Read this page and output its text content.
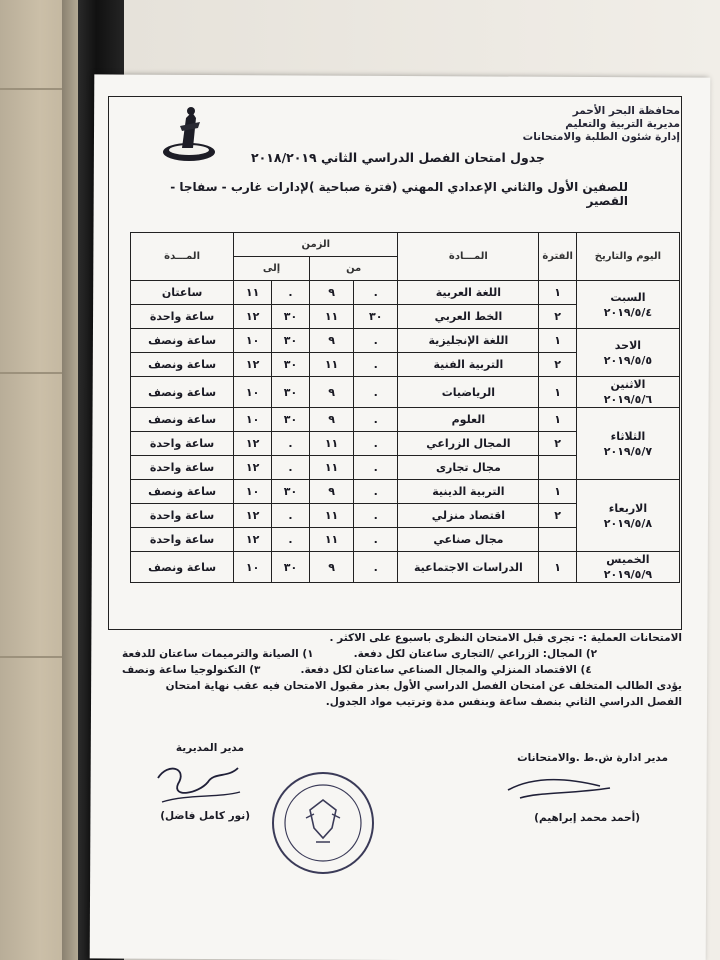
محافظة البحر الأحمر
مديرية التربية والتعليم
إدارة شئون الطلبة والامتحانات
جدول امتحان الفصل الدراسي الثاني ٢٠١٨/٢٠١٩
للصفين الأول والثاني الإعدادي المهني (فترة صباحية )لإدارات غارب - سفاجا - القصير
اليوم والتاريخ	الفترة	المـــادة	الزمن				المـــدة
			من		إلى		

السبت
٢٠١٩/٥/٤	١	اللغة العربية	.	٩	.	١١	ساعتان
	٢	الخط العربي	٣٠	١١	٣٠	١٢	ساعة واحدة

الاحد
٢٠١٩/٥/٥	١	اللغة الإنجليزية	.	٩	٣٠	١٠	ساعة ونصف
	٢	التربية الفنية	.	١١	٣٠	١٢	ساعة ونصف

الاثنين
٢٠١٩/٥/٦	١	الرياضيات	.	٩	٣٠	١٠	ساعة ونصف

الثلاثاء
٢٠١٩/٥/٧	١	العلوم	.	٩	٣٠	١٠	ساعة ونصف
	٢	المجال الزراعي	.	١١	.	١٢	ساعة واحدة
		مجال تجارى	.	١١	.	١٢	ساعة واحدة

الاربعاء
٢٠١٩/٥/٨	١	التربية الدينية	.	٩	٣٠	١٠	ساعة ونصف
	٢	اقتصاد منزلي	.	١١	.	١٢	ساعة واحدة
		مجال صناعي	.	١١	.	١٢	ساعة واحدة

الخميس
٢٠١٩/٥/٩	١	الدراسات الاجتماعية	.	٩	٣٠	١٠	ساعة ونصف
الامتحانات العملية :- تجرى قبل الامتحان النظرى باسبوع على الاكثر .
١) الصيانة والترميمات ساعتان للدفعة	٢) المجال: الزراعي /التجارى ساعتان لكل دفعة.
٣) التكنولوجيا ساعة ونصف	٤) الاقتصاد المنزلي والمجال الصناعي ساعتان لكل دفعة.
يؤدى الطالب المتخلف عن امتحان الفصل الدراسي الأول بعذر مقبول الامتحان فيه عقب نهاية امتحان
الفصل الدراسي الثاني بنصف ساعة وبنفس مدة وترتيب مواد الجدول.
مدير ادارة ش.ط .والامتحانات
(أحمد محمد إبراهيم)
مدير المديرية
(نور كامل فاضل)
